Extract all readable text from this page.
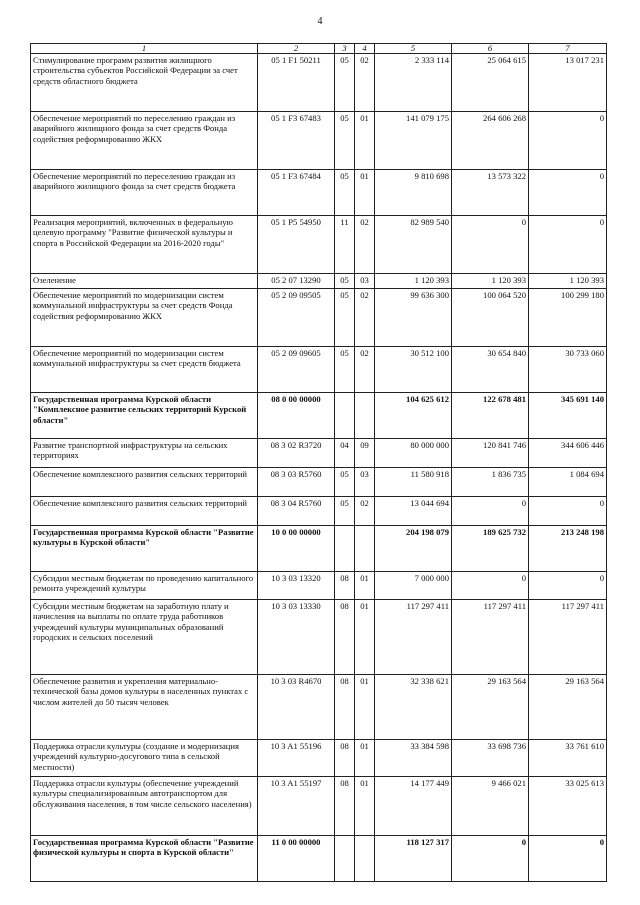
4
1	2	3	4	5	6	7
Стимулирование программ развития жилищного строительства субъектов Российской Федерации за счет средств областного бюджета	05 1 F1 50211	05	02	2 333 114	25 064 615	13 017 231
Обеспечение мероприятий по переселению граждан из аварийного жилищного фонда за счет средств Фонда содействия реформированию ЖКХ	05 1 F3 67483	05	01	141 079 175	264 606 268	0
Обеспечение мероприятий по переселению граждан из аварийного жилищного фонда за счет средств бюджета	05 1 F3 67484	05	01	9 810 698	13 573 322	0
Реализация мероприятий, включенных в федеральную целевую программу "Развитие физической культуры и спорта в Российской Федерации на 2016-2020 годы"	05 1 P5 54950	11	02	82 989 540	0	0
Озеленение	05 2 07 13290	05	03	1 120 393	1 120 393	1 120 393
Обеспечение мероприятий по модернизации систем коммунальной инфраструктуры за счет средств Фонда содействия реформированию ЖКХ	05 2 09 09505	05	02	99 636 300	100 064 520	100 299 180
Обеспечение мероприятий по модернизации систем коммунальной инфраструктуры за счет средств бюджета	05 2 09 09605	05	02	30 512 100	30 654 840	30 733 060
Государственная программа Курской области "Комплексное развитие сельских территорий Курской области"	08 0 00 00000			104 625 612	122 678 481	345 691 140
Развитие транспортной инфраструктуры на сельских территориях	08 3 02 R3720	04	09	80 000 000	120 841 746	344 606 446
Обеспечение комплексного развития сельских территорий	08 3 03 R5760	05	03	11 580 918	1 836 735	1 084 694
Обеспечение комплексного развития сельских территорий	08 3 04 R5760	05	02	13 044 694	0	0
Государственная программа Курской области "Развитие культуры в Курской области"	10 0 00 00000			204 198 079	189 625 732	213 248 198
Субсидии местным бюджетам по проведению капитального ремонта учреждений культуры	10 3 03 13320	08	01	7 000 000	0	0
Субсидии местным бюджетам на заработную плату и начисления на выплаты по оплате труда работников учреждений культуры муниципальных образований городских и сельских поселений	10 3 03 13330	08	01	117 297 411	117 297 411	117 297 411
Обеспечение развития и укрепления материально-технической базы домов культуры в населенных пунктах с числом жителей до 50 тысяч человек	10 3 03 R4670	08	01	32 338 621	29 163 564	29 163 564
Поддержка отрасли культуры (создание и модернизация учреждений культурно-досугового типа в сельской местности)	10 3 A1 55196	08	01	33 384 598	33 698 736	33 761 610
Поддержка отрасли культуры (обеспечение учреждений культуры специализированным автотранспортом для обслуживания населения, в том числе сельского населения)	10 3 A1 55197	08	01	14 177 449	9 466 021	33 025 613
Государственная программа Курской области "Развитие физической культуры и спорта в Курской области"	11 0 00 00000			118 127 317	0	0
